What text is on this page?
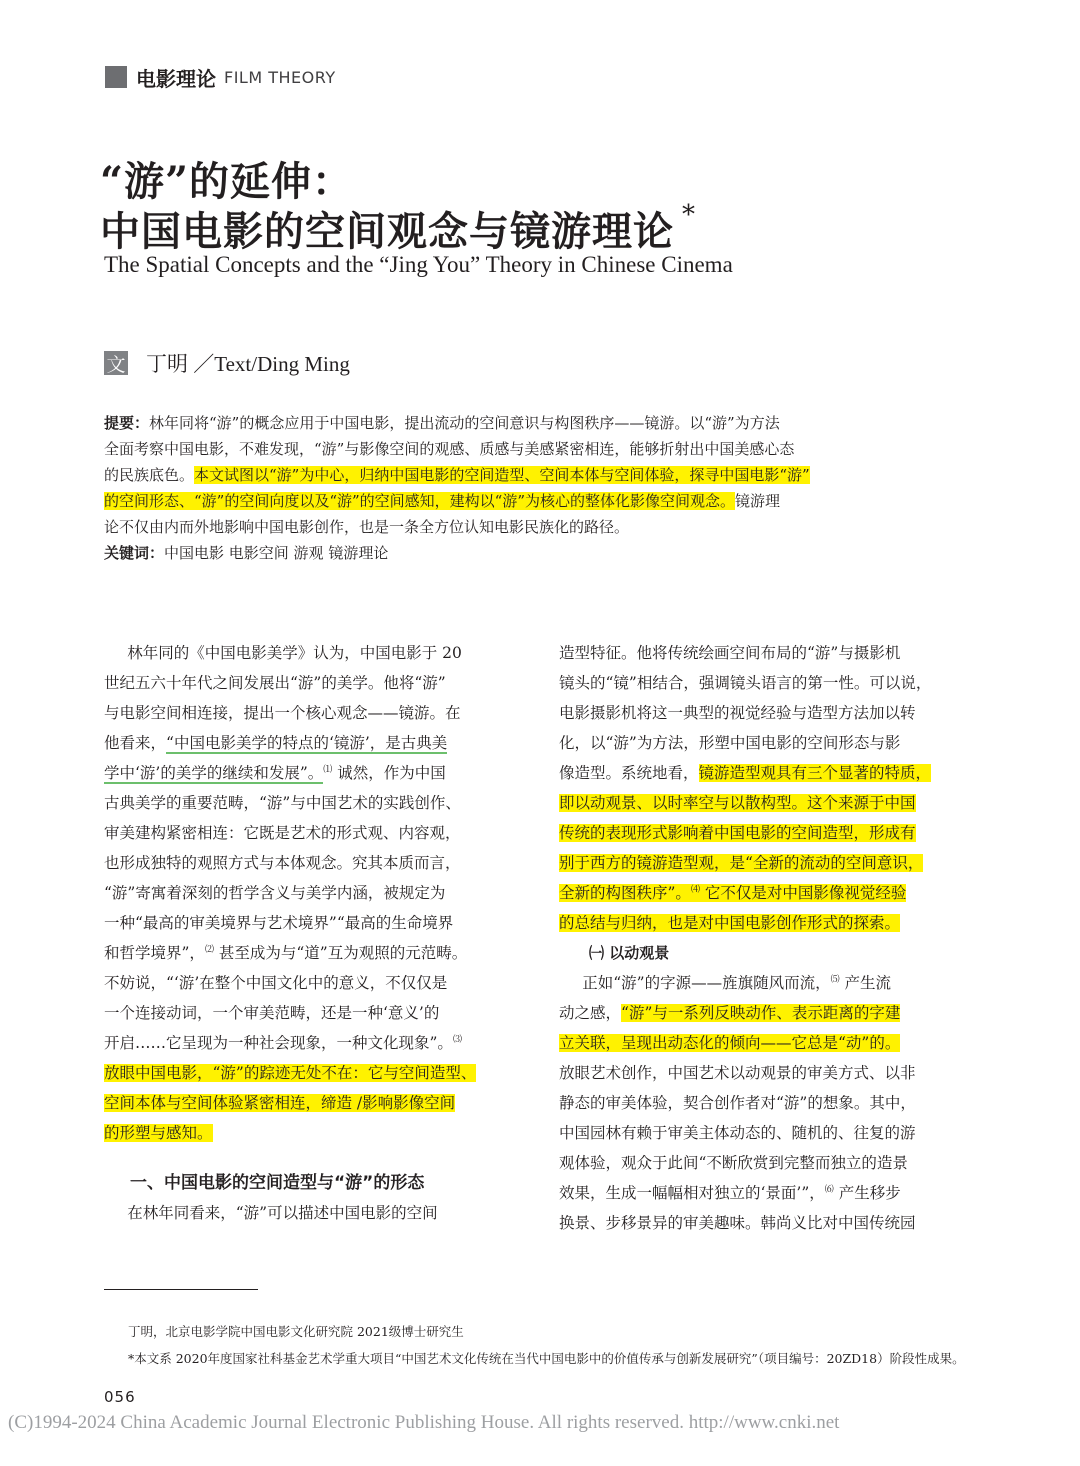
电影理论 FILM THEORY
“游”的延伸：
中国电影的空间观念与镜游理论 *
The Spatial Concepts and the “Jing You” Theory in Chinese Cinema
文 丁明 ／Text/Ding Ming
提要：林年同将“游”的概念应用于中国电影，提出流动的空间意识与构图秩序——镜游。以“游”为方法
全面考察中国电影，不难发现，“游”与影像空间的观感、质感与美感紧密相连，能够折射出中国美感心态
的民族底色。本文试图以“游”为中心，归纳中国电影的空间造型、空间本体与空间体验，探寻中国电影“游”
的空间形态、“游”的空间向度以及“游”的空间感知，建构以“游”为核心的整体化影像空间观念。镜游理
论不仅由内而外地影响中国电影创作，也是一条全方位认知电影民族化的路径。
关键词：中国电影 电影空间 游观 镜游理论
  林年同的《中国电影美学》认为，中国电影于 20
世纪五六十年代之间发展出“游”的美学。他将“游”
与电影空间相连接，提出一个核心观念——镜游。在
他看来，“中国电影美学的特点的‘镜游’，是古典美
学中‘游’的美学的继续和发展”。⑴ 诚然，作为中国
古典美学的重要范畴，“游”与中国艺术的实践创作、
审美建构紧密相连：它既是艺术的形式观、内容观，
也形成独特的观照方式与本体观念。究其本质而言，
“游”寄寓着深刻的哲学含义与美学内涵，被规定为
一种“最高的审美境界与艺术境界”“最高的生命境界
和哲学境界”，⑵ 甚至成为与“道”互为观照的元范畴。
不妨说，“‘游’在整个中国文化中的意义，不仅仅是
一个连接动词，一个审美范畴，还是一种‘意义’的
开启……它呈现为一种社会现象，一种文化现象”。⑶
放眼中国电影，“游”的踪迹无处不在：它与空间造型、
空间本体与空间体验紧密相连，缔造 /影响影像空间
的形塑与感知。
一、中国电影的空间造型与“游”的形态
  在林年同看来，“游”可以描述中国电影的空间
造型特征。他将传统绘画空间布局的“游”与摄影机
镜头的“镜”相结合，强调镜头语言的第一性。可以说，
电影摄影机将这一典型的视觉经验与造型方法加以转
化，以“游”为方法，形塑中国电影的空间形态与影
像造型。系统地看，镜游造型观具有三个显著的特质，
即以动观景、以时率空与以散构型。这个来源于中国
传统的表现形式影响着中国电影的空间造型，形成有
别于西方的镜游造型观，是“全新的流动的空间意识，
全新的构图秩序”。⑷ 它不仅是对中国影像视觉经验
的总结与归纳，也是对中国电影创作形式的探索。
㈠ 以动观景
  正如“游”的字源——旌旗随风而流，⑸ 产生流
动之感，“游”与一系列反映动作、表示距离的字建
立关联，呈现出动态化的倾向——它总是“动”的。
放眼艺术创作，中国艺术以动观景的审美方式、以非
静态的审美体验，契合创作者对“游”的想象。其中，
中国园林有赖于审美主体动态的、随机的、往复的游
观体验，观众于此间“不断欣赏到完整而独立的造景
效果，生成一幅幅相对独立的‘景面’”，⑹ 产生移步
换景、步移景异的审美趣味。韩尚义比对中国传统园
丁明，北京电影学院中国电影文化研究院 2021级博士研究生
*本文系 2020年度国家社科基金艺术学重大项目“中国艺术文化传统在当代中国电影中的价值传承与创新发展研究”（项目编号：20ZD18）阶段性成果。
056
(C)1994-2024 China Academic Journal Electronic Publishing House. All rights reserved. http://www.cnki.net
